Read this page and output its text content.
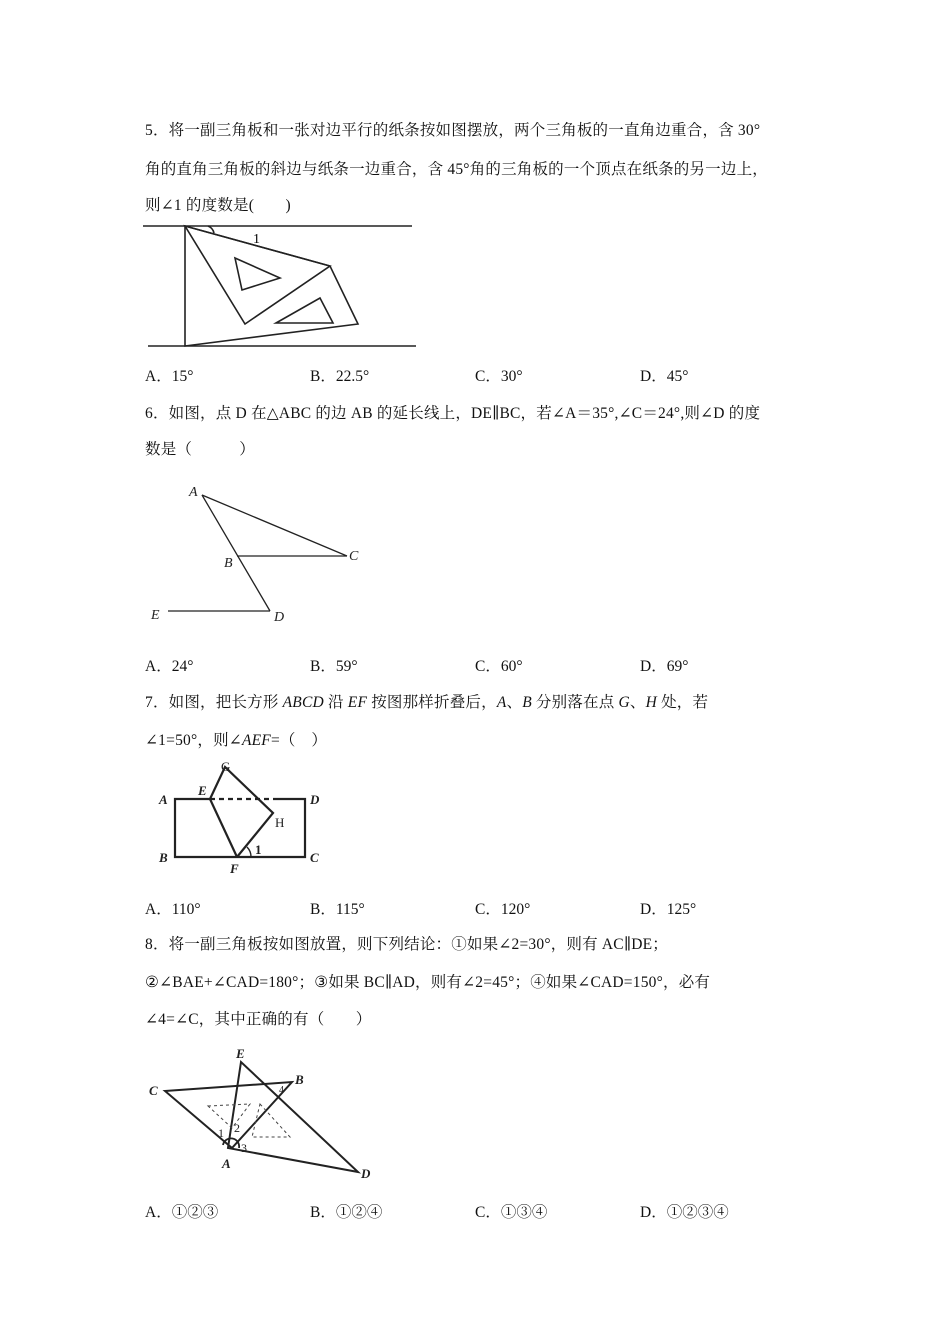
5．将一副三角板和一张对边平行的纸条按如图摆放，两个三角板的一直角边重合，含 30°
角的直角三角板的斜边与纸条一边重合，含 45°角的三角板的一个顶点在纸条的另一边上，
则∠1 的度数是(　　)
1
A．15°	B．22.5°	C．30°	D．45°
6．如图，点 D 在△ABC 的边 AB 的延长线上，DE∥BC，若∠A＝35°,∠C＝24°,则∠D 的度
数是（　　　）
A
B	C
D
E
A．24°	B．59°	C．60°	D．69°
7．如图，把长方形 ABCD 沿 EF 按图那样折叠后，A、B 分别落在点 G、H 处，若
∠1=50°，则∠AEF=（　）
A
E
D
B
F
C
G
H
1
A．110°	B．115°	C．120°	D．125°
8．将一副三角板按如图放置，则下列结论：①如果∠2=30°，则有 AC∥DE；
②∠BAE+∠CAD=180°；③如果 BC∥AD，则有∠2=45°；④如果∠CAD=150°，必有
∠4=∠C，其中正确的有（　　）
E
C
B
A
D
1 2
3
4
A．①②③	B．①②④	C．①③④	D．①②③④
